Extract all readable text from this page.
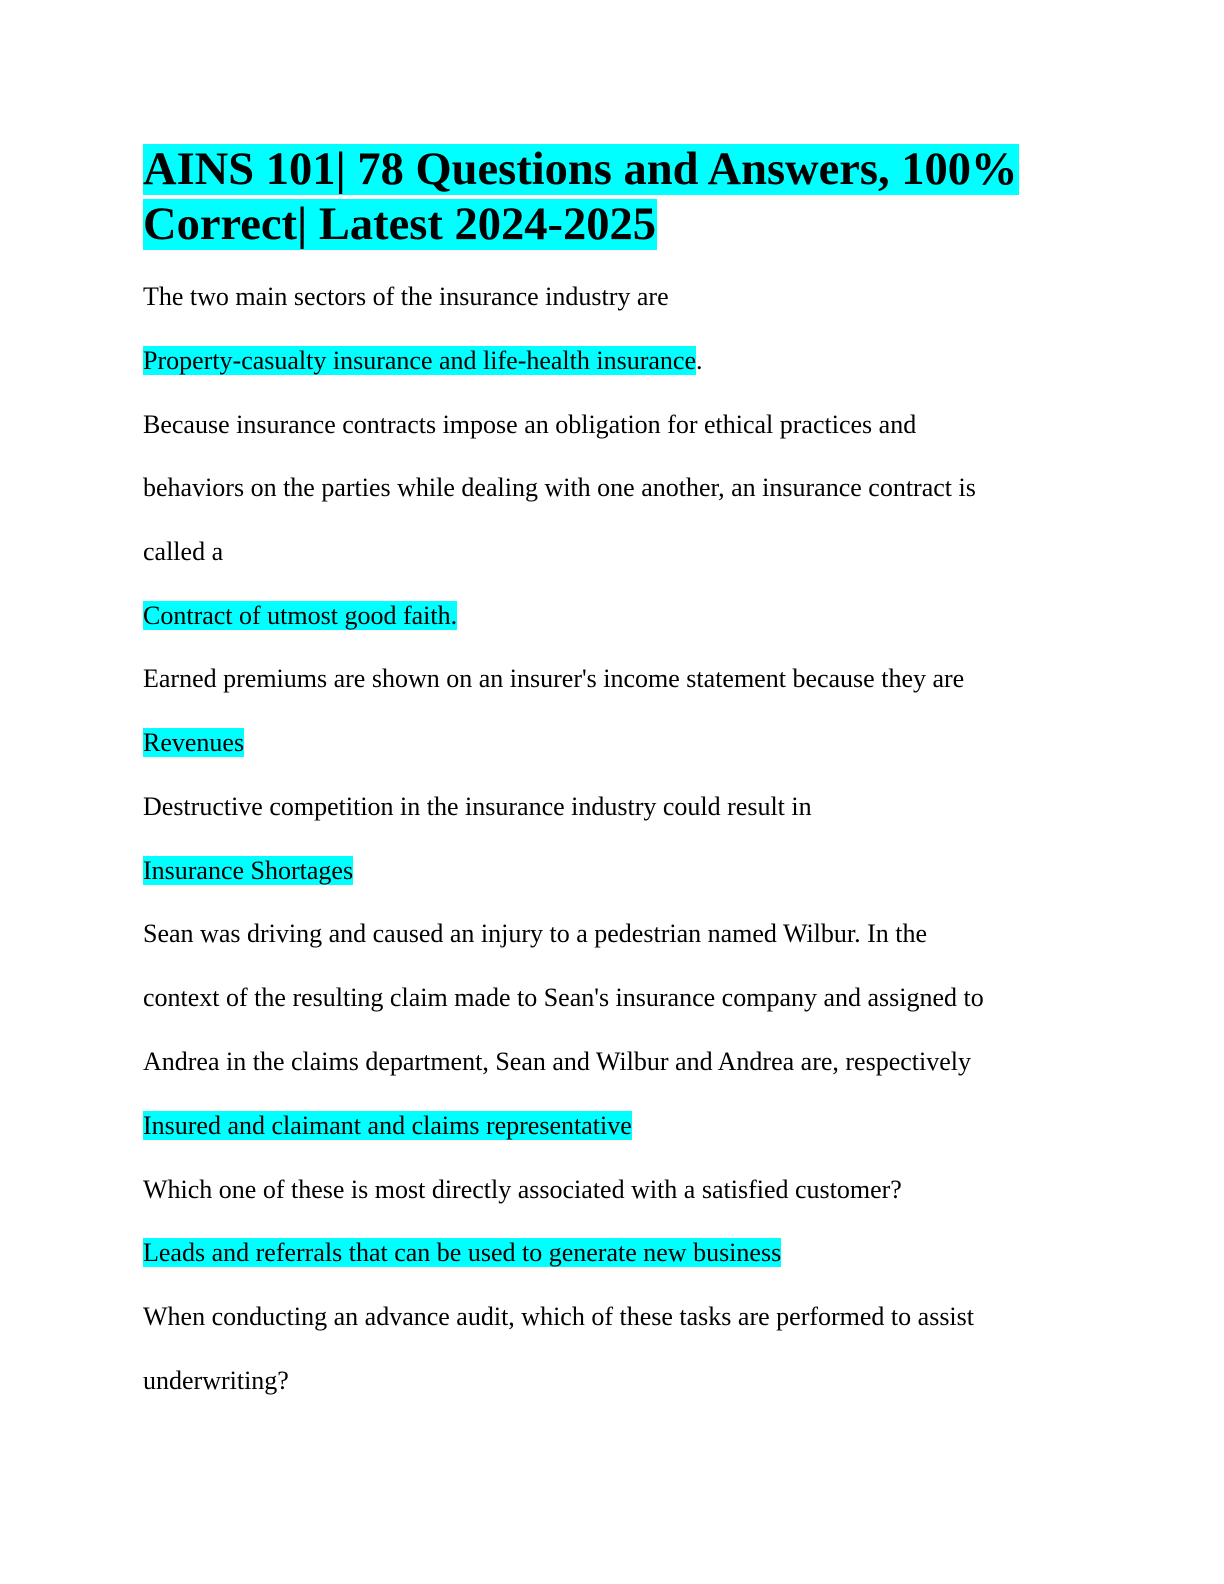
AINS 101| 78 Questions and Answers, 100% Correct| Latest 2024-2025
The two main sectors of the insurance industry are
Property-casualty insurance and life-health insurance.
Because insurance contracts impose an obligation for ethical practices and
behaviors on the parties while dealing with one another, an insurance contract is
called a
Contract of utmost good faith.
Earned premiums are shown on an insurer's income statement because they are
Revenues
Destructive competition in the insurance industry could result in
Insurance Shortages
Sean was driving and caused an injury to a pedestrian named Wilbur. In the
context of the resulting claim made to Sean's insurance company and assigned to
Andrea in the claims department, Sean and Wilbur and Andrea are, respectively
Insured and claimant and claims representative
Which one of these is most directly associated with a satisfied customer?
Leads and referrals that can be used to generate new business
When conducting an advance audit, which of these tasks are performed to assist
underwriting?
